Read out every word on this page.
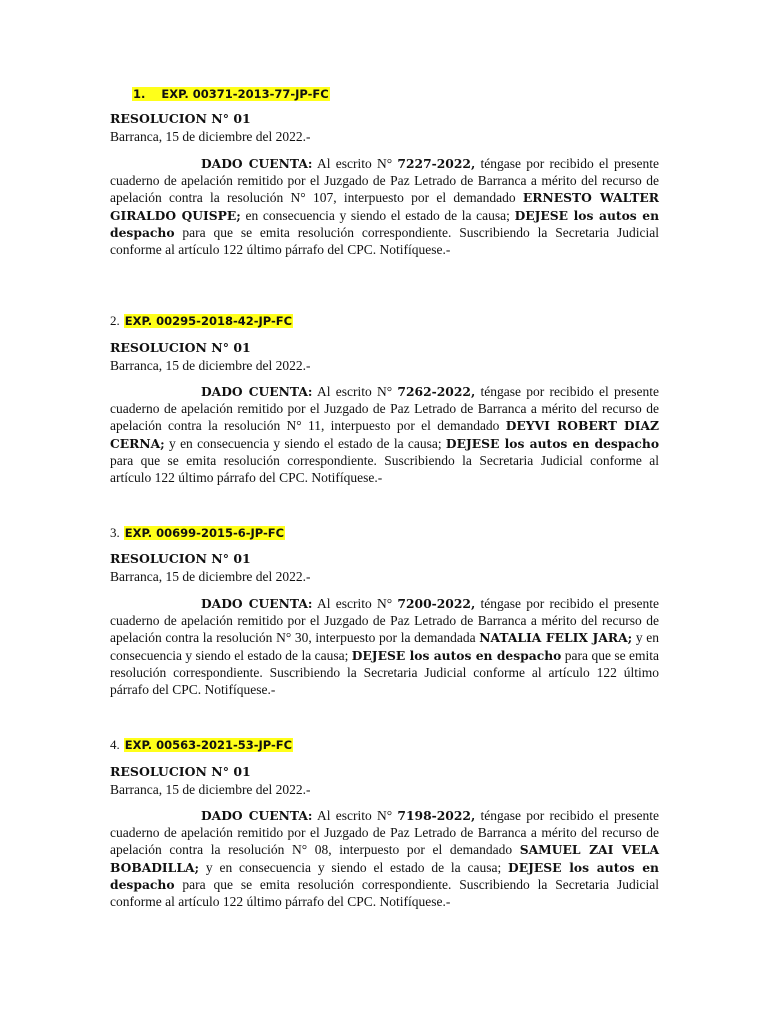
1. EXP. 00371-2013-77-JP-FC
RESOLUCION N° 01
Barranca, 15 de diciembre del 2022.-
DADO CUENTA: Al escrito N° 7227-2022, téngase por recibido el presente cuaderno de apelación remitido por el Juzgado de Paz Letrado de Barranca a mérito del recurso de apelación contra la resolución N° 107, interpuesto por el demandado ERNESTO WALTER GIRALDO QUISPE; en consecuencia y siendo el estado de la causa; DEJESE los autos en despacho para que se emita resolución correspondiente. Suscribiendo la Secretaria Judicial conforme al artículo 122 último párrafo del CPC. Notifíquese.-
2. EXP. 00295-2018-42-JP-FC
RESOLUCION N° 01
Barranca, 15 de diciembre del 2022.-
DADO CUENTA: Al escrito N° 7262-2022, téngase por recibido el presente cuaderno de apelación remitido por el Juzgado de Paz Letrado de Barranca a mérito del recurso de apelación contra la resolución N° 11, interpuesto por el demandado DEYVI ROBERT DIAZ CERNA; y en consecuencia y siendo el estado de la causa; DEJESE los autos en despacho para que se emita resolución correspondiente. Suscribiendo la Secretaria Judicial conforme al artículo 122 último párrafo del CPC. Notifíquese.-
3. EXP. 00699-2015-6-JP-FC
RESOLUCION N° 01
Barranca, 15 de diciembre del 2022.-
DADO CUENTA: Al escrito N° 7200-2022, téngase por recibido el presente cuaderno de apelación remitido por el Juzgado de Paz Letrado de Barranca a mérito del recurso de apelación contra la resolución N° 30, interpuesto por la demandada NATALIA FELIX JARA; y en consecuencia y siendo el estado de la causa; DEJESE los autos en despacho para que se emita resolución correspondiente. Suscribiendo la Secretaria Judicial conforme al artículo 122 último párrafo del CPC. Notifíquese.-
4. EXP. 00563-2021-53-JP-FC
RESOLUCION N° 01
Barranca, 15 de diciembre del 2022.-
DADO CUENTA: Al escrito N° 7198-2022, téngase por recibido el presente cuaderno de apelación remitido por el Juzgado de Paz Letrado de Barranca a mérito del recurso de apelación contra la resolución N° 08, interpuesto por el demandado SAMUEL ZAI VELA BOBADILLA; y en consecuencia y siendo el estado de la causa; DEJESE los autos en despacho para que se emita resolución correspondiente. Suscribiendo la Secretaria Judicial conforme al artículo 122 último párrafo del CPC. Notifíquese.-
